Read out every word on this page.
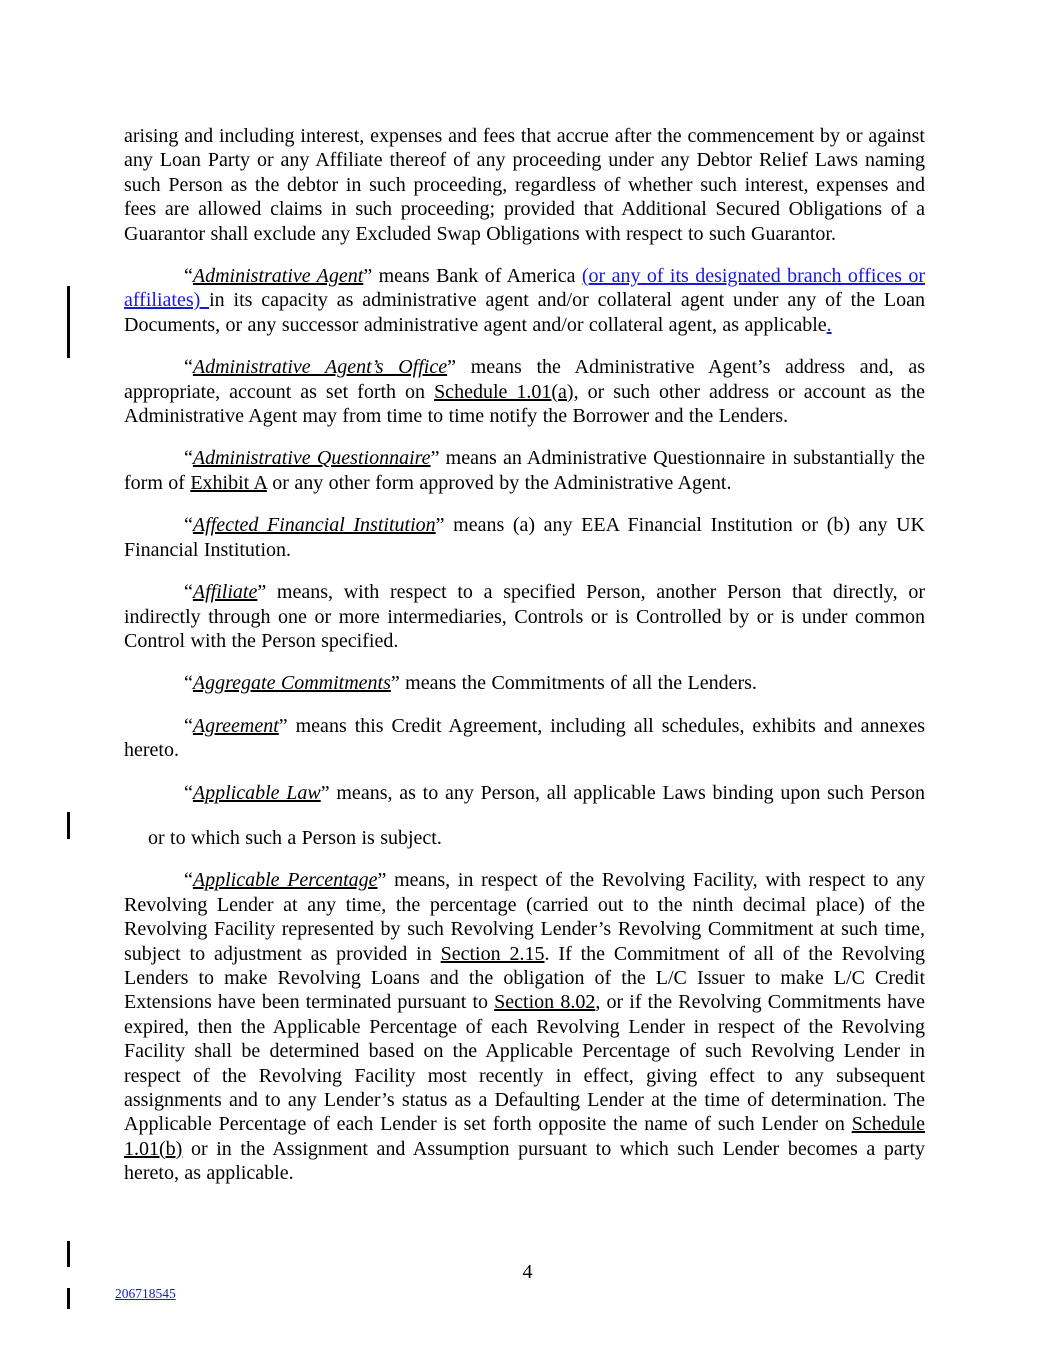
arising and including interest, expenses and fees that accrue after the commencement by or against any Loan Party or any Affiliate thereof of any proceeding under any Debtor Relief Laws naming such Person as the debtor in such proceeding, regardless of whether such interest, expenses and fees are allowed claims in such proceeding; provided that Additional Secured Obligations of a Guarantor shall exclude any Excluded Swap Obligations with respect to such Guarantor.

“Administrative Agent” means Bank of America (or any of its designated branch offices or affiliates) in its capacity as administrative agent and/or collateral agent under any of the Loan Documents, or any successor administrative agent and/or collateral agent, as applicable.

“Administrative Agent’s Office” means the Administrative Agent’s address and, as appropriate, account as set forth on Schedule 1.01(a), or such other address or account as the Administrative Agent may from time to time notify the Borrower and the Lenders.

“Administrative Questionnaire” means an Administrative Questionnaire in substantially the form of Exhibit A or any other form approved by the Administrative Agent.

“Affected Financial Institution” means (a) any EEA Financial Institution or (b) any UK Financial Institution.

“Affiliate” means, with respect to a specified Person, another Person that directly, or indirectly through one or more intermediaries, Controls or is Controlled by or is under common Control with the Person specified.

“Aggregate Commitments” means the Commitments of all the Lenders.

“Agreement” means this Credit Agreement, including all schedules, exhibits and annexes hereto.

“Applicable Law” means, as to any Person, all applicable Laws binding upon such Person

or to which such a Person is subject.

“Applicable Percentage” means, in respect of the Revolving Facility, with respect to any Revolving Lender at any time, the percentage (carried out to the ninth decimal place) of the Revolving Facility represented by such Revolving Lender’s Revolving Commitment at such time, subject to adjustment as provided in Section 2.15. If the Commitment of all of the Revolving Lenders to make Revolving Loans and the obligation of the L/C Issuer to make L/C Credit Extensions have been terminated pursuant to Section 8.02, or if the Revolving Commitments have expired, then the Applicable Percentage of each Revolving Lender in respect of the Revolving Facility shall be determined based on the Applicable Percentage of such Revolving Lender in respect of the Revolving Facility most recently in effect, giving effect to any subsequent assignments and to any Lender’s status as a Defaulting Lender at the time of determination. The Applicable Percentage of each Lender is set forth opposite the name of such Lender on Schedule 1.01(b) or in the Assignment and Assumption pursuant to which such Lender becomes a party hereto, as applicable.

4
206718545
